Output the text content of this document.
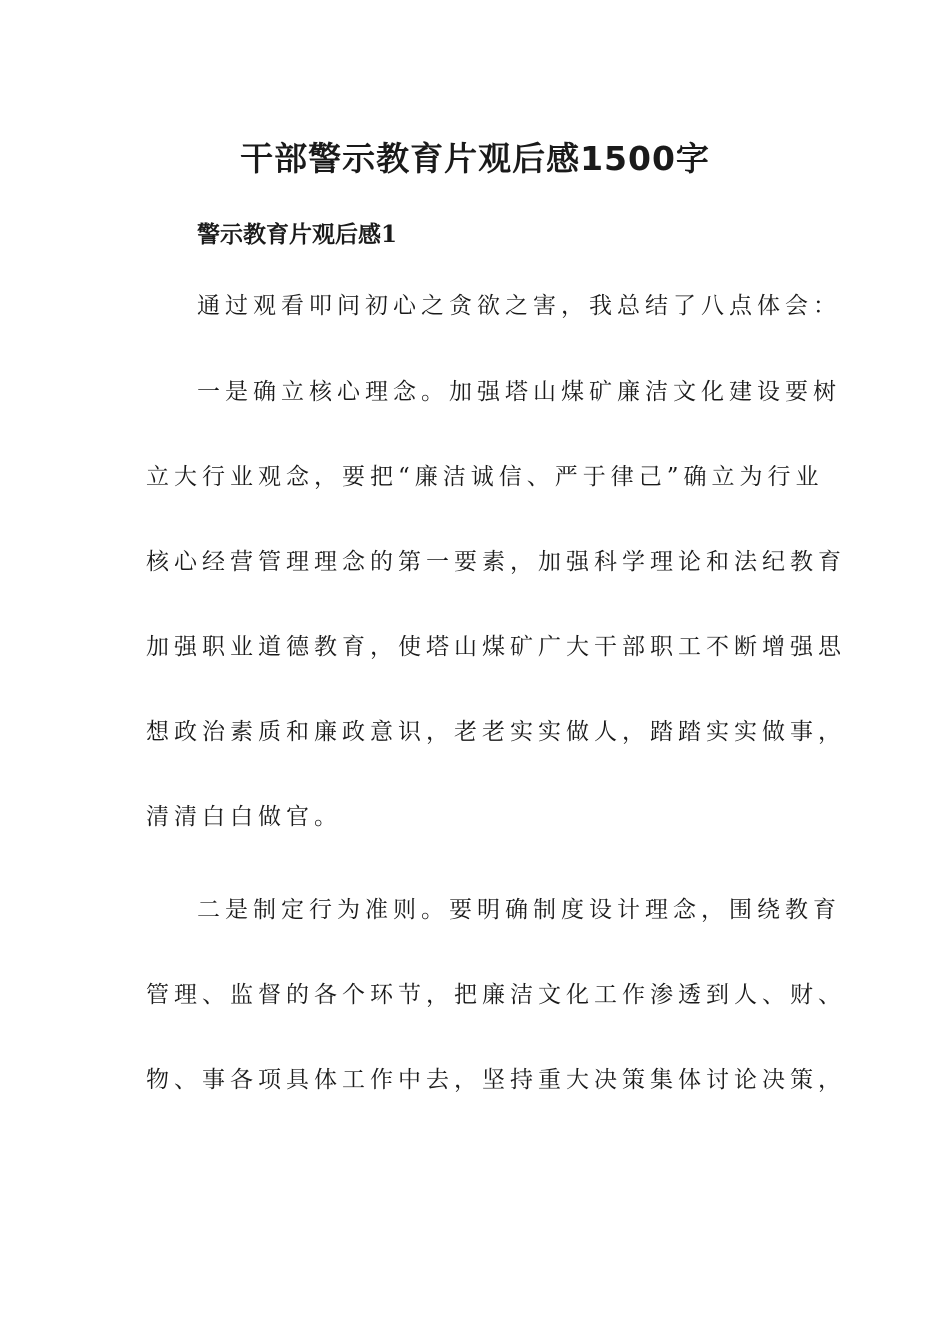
干部警示教育片观后感1500字
警示教育片观后感1

通过观看叩问初心之贪欲之害，我总结了八点体会：

一是确立核心理念。加强塔山煤矿廉洁文化建设要树
立大行业观念，要把“廉洁诚信、严于律己”确立为行业
核心经营管理理念的第一要素，加强科学理论和法纪教育
加强职业道德教育，使塔山煤矿广大干部职工不断增强思
想政治素质和廉政意识，老老实实做人，踏踏实实做事，
清清白白做官。

二是制定行为准则。要明确制度设计理念，围绕教育
管理、监督的各个环节，把廉洁文化工作渗透到人、财、
物、事各项具体工作中去，坚持重大决策集体讨论决策，
